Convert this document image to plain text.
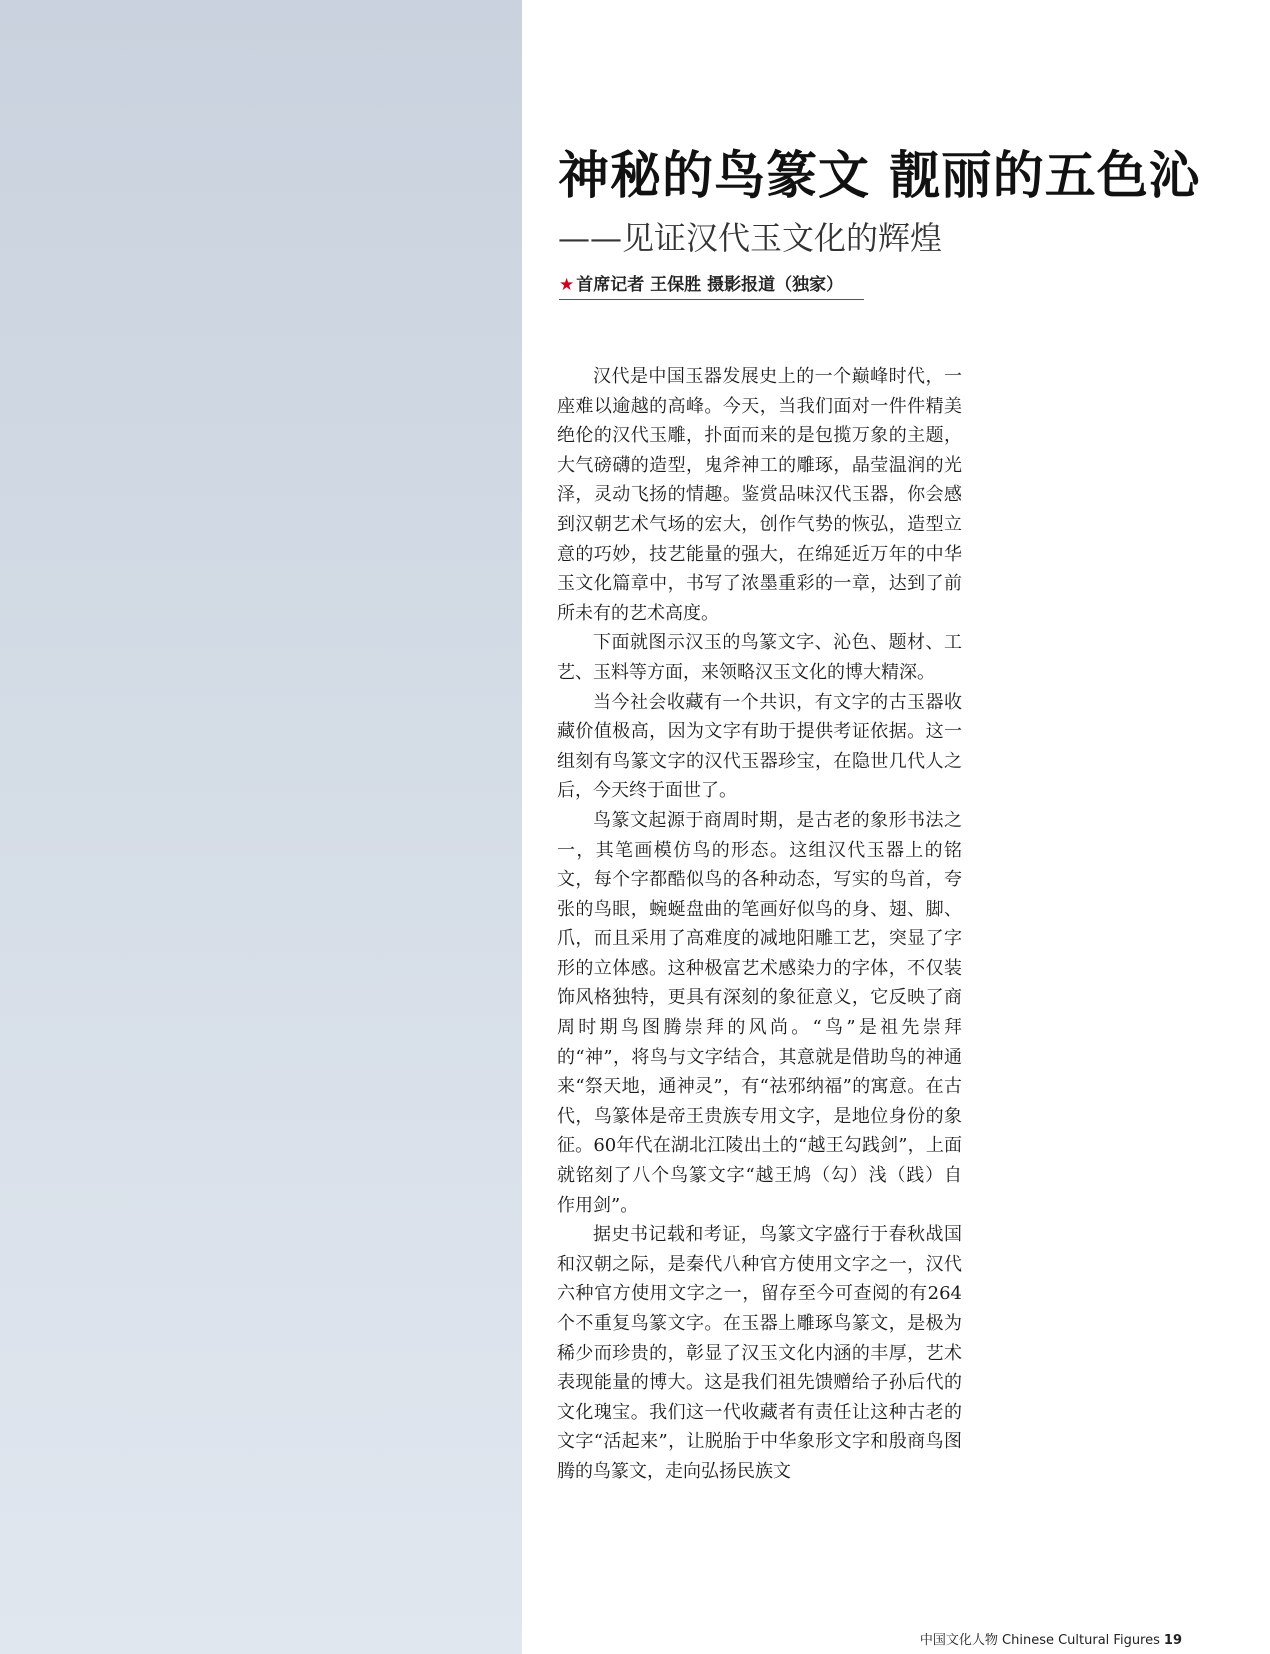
神秘的鸟篆文 靓丽的五色沁
——见证汉代玉文化的辉煌
★ 首席记者 王保胜 摄影报道（独家）

汉代是中国玉器发展史上的一个巅峰时代，一座难以逾越的高峰。今天，当我们面对一件件精美绝伦的汉代玉雕，扑面而来的是包揽万象的主题，大气磅礴的造型，鬼斧神工的雕琢，晶莹温润的光泽，灵动飞扬的情趣。鉴赏品味汉代玉器，你会感到汉朝艺术气场的宏大，创作气势的恢弘，造型立意的巧妙，技艺能量的强大，在绵延近万年的中华玉文化篇章中，书写了浓墨重彩的一章，达到了前所未有的艺术高度。

下面就图示汉玉的鸟篆文字、沁色、题材、工艺、玉料等方面，来领略汉玉文化的博大精深。

当今社会收藏有一个共识，有文字的古玉器收藏价值极高，因为文字有助于提供考证依据。这一组刻有鸟篆文字的汉代玉器珍宝，在隐世几代人之后，今天终于面世了。

鸟篆文起源于商周时期，是古老的象形书法之一，其笔画模仿鸟的形态。这组汉代玉器上的铭文，每个字都酷似鸟的各种动态，写实的鸟首，夸张的鸟眼，蜿蜒盘曲的笔画好似鸟的身、翅、脚、爪，而且采用了高难度的减地阳雕工艺，突显了字形的立体感。这种极富艺术感染力的字体，不仅装饰风格独特，更具有深刻的象征意义，它反映了商周时期鸟图腾崇拜的风尚。“鸟”是祖先崇拜的“神”，将鸟与文字结合，其意就是借助鸟的神通来“祭天地，通神灵”，有“祛邪纳福”的寓意。在古代，鸟篆体是帝王贵族专用文字，是地位身份的象征。60年代在湖北江陵出土的“越王勾践剑”，上面就铭刻了八个鸟篆文字“越王鸠（勾）浅（践）自作用剑”。

据史书记载和考证，鸟篆文字盛行于春秋战国和汉朝之际，是秦代八种官方使用文字之一，汉代六种官方使用文字之一，留存至今可查阅的有264个不重复鸟篆文字。在玉器上雕琢鸟篆文，是极为稀少而珍贵的，彰显了汉玉文化内涵的丰厚，艺术表现能量的博大。这是我们祖先馈赠给子孙后代的文化瑰宝。我们这一代收藏者有责任让这种古老的文字“活起来”，让脱胎于中华象形文字和殷商鸟图腾的鸟篆文，走向弘扬民族文

中国文化人物 Chinese Cultural Figures 19
